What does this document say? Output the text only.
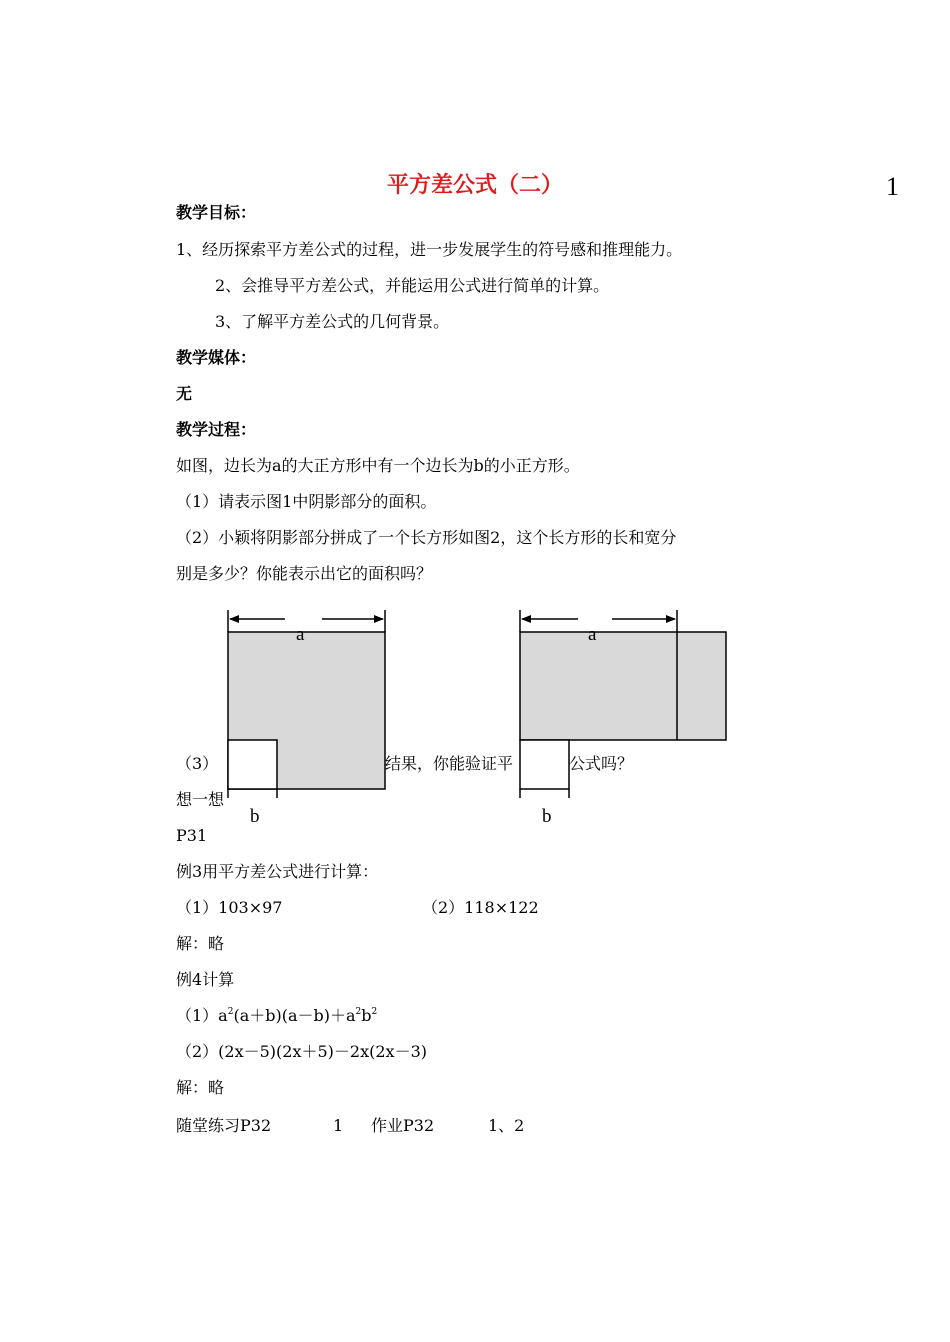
1
平方差公式（二）
教学目标：
1、经历探索平方差公式的过程，进一步发展学生的符号感和推理能力。
2、会推导平方差公式，并能运用公式进行简单的计算。
3、了解平方差公式的几何背景。
教学媒体：
无
教学过程：
如图，边长为a的大正方形中有一个边长为b的小正方形。
（1）请表示图1中阴影部分的面积。
（2）小颖将阴影部分拼成了一个长方形如图2，这个长方形的长和宽分
别是多少？你能表示出它的面积吗？
（3）	结果，你能验证平	公式吗？
想一想
P31
例3用平方差公式进行计算：
（1）103×97	（2）118×122
解：略
例4计算
$(1)a^2(a+b)(a-b)+a^2b^2$
（2）(2x－5)(2x＋5)－2x(2x－3)
解：略
随堂练习P32	1 作业P32	1、2
a
b
a
b
